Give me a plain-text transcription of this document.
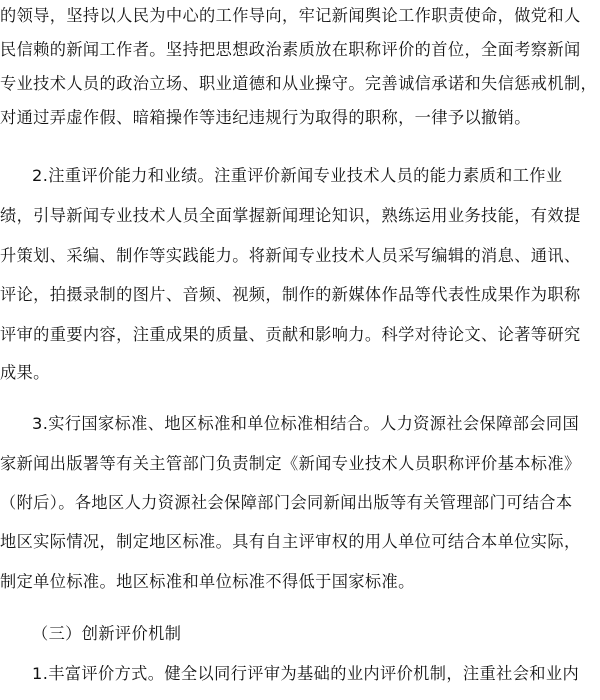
的领导，坚持以人民为中心的工作导向，牢记新闻舆论工作职责使命，做党和人
民信赖的新闻工作者。坚持把思想政治素质放在职称评价的首位，全面考察新闻
专业技术人员的政治立场、职业道德和从业操守。完善诚信承诺和失信惩戒机制，
对通过弄虚作假、暗箱操作等违纪违规行为取得的职称，一律予以撤销。
2.注重评价能力和业绩。注重评价新闻专业技术人员的能力素质和工作业
绩，引导新闻专业技术人员全面掌握新闻理论知识，熟练运用业务技能，有效提
升策划、采编、制作等实践能力。将新闻专业技术人员采写编辑的消息、通讯、
评论，拍摄录制的图片、音频、视频，制作的新媒体作品等代表性成果作为职称
评审的重要内容，注重成果的质量、贡献和影响力。科学对待论文、论著等研究
成果。
3.实行国家标准、地区标准和单位标准相结合。人力资源社会保障部会同国
家新闻出版署等有关主管部门负责制定《新闻专业技术人员职称评价基本标准》
（附后）。各地区人力资源社会保障部门会同新闻出版等有关管理部门可结合本
地区实际情况，制定地区标准。具有自主评审权的用人单位可结合本单位实际，
制定单位标准。地区标准和单位标准不得低于国家标准。
（三）创新评价机制
1.丰富评价方式。健全以同行评审为基础的业内评价机制，注重社会和业内
